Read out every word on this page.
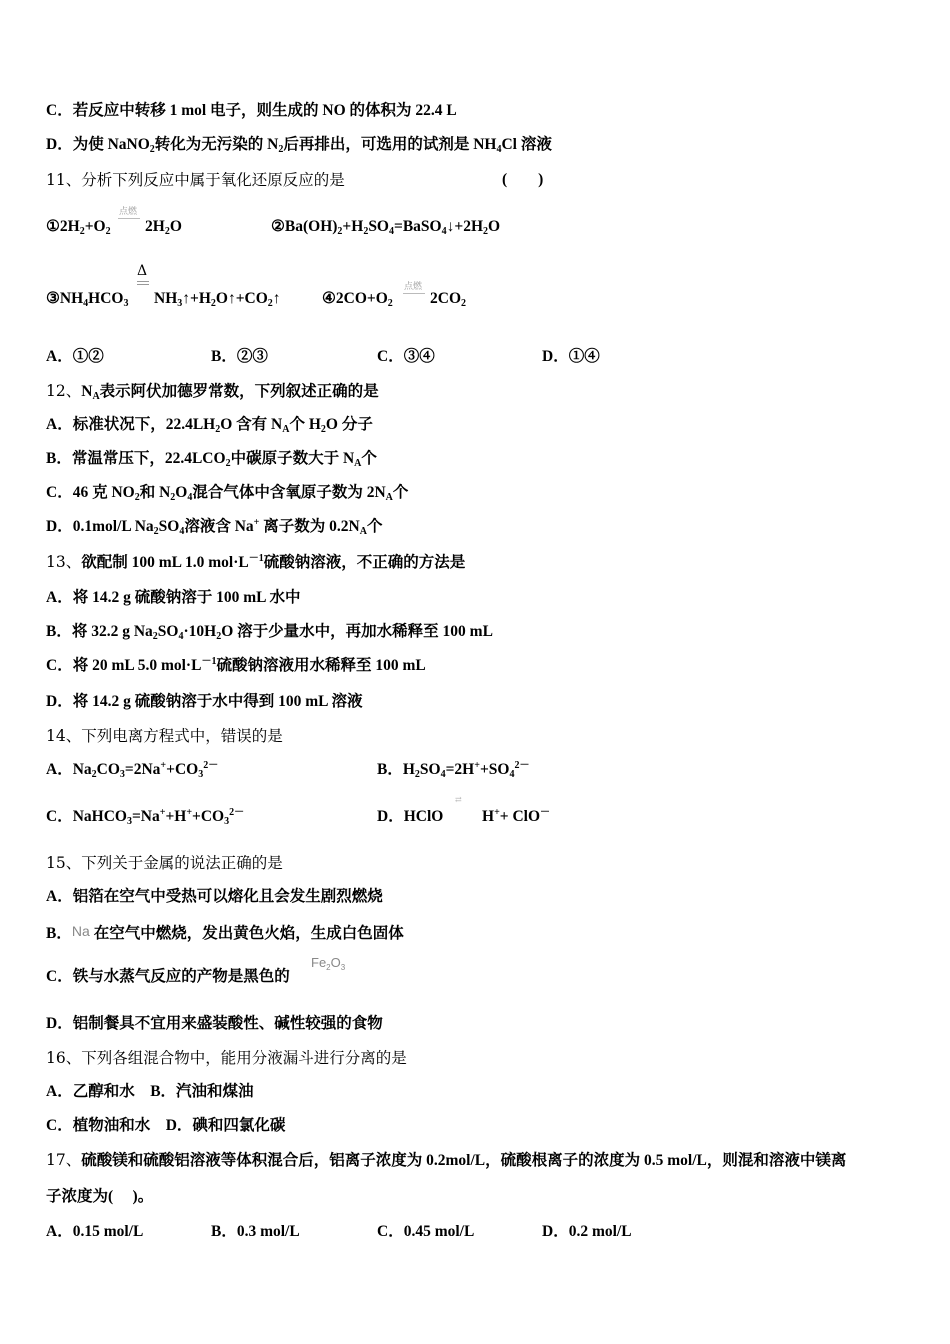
C．若反应中转移 1 mol 电子，则生成的 NO 的体积为 22.4 L
D．为使 NaNO$_2$转化为无污染的 $N_2$后再排出，可选用的试剂是 $NH_4Cl$ 溶液
11、分析下列反应中属于氧化还原反应的是	(　　)
$①2H_2+O_2$
点燃
$2H_2O$	$②Ba(OH)_2+H_2SO_4=BaSO_4↓+2H_2O$
$③NH_4HCO_3$
Δ
$NH_3↑+H_2O↑+CO_2↑$	$④2CO+O_2$
点燃
$2CO_2$
A．①②	B．②③	C．③④	D．①④
12、$N_A$表示阿伏加德罗常数，下列叙述正确的是
A．标准状况下，$22.4LH_2O$ 含有 $N_A$个 $H_2O$ 分子
B．常温常压下，$22.4LCO_2$中碳原子数大于 $N_A$个
C．46 克 $NO_2$和 $N_2O_4$混合气体中含氧原子数为 $2N_A$个
D．0.1mol/L $Na_2SO_4$溶液含 Na+ 离子数为 $0.2N_A$个
13、欲配制 100 mL 1.0 $mol\cdot L^{-1}$硫酸钠溶液，不正确的方法是
A．将 14.2 g 硫酸钠溶于 100 mL 水中
B．将 32.2 g $Na_2SO_4\cdot 10H_2O$ 溶于少量水中，再加水稀释至 100 mL
C．将 20 mL 5.0 $mol\cdot L^{-1}$硫酸钠溶液用水稀释至 100 mL
D．将 14.2 g 硫酸钠溶于水中得到 100 mL 溶液
14、下列电离方程式中，错误的是
A．$Na_2CO_3=2Na^++CO_3^{2-}$	B．$H_2SO_4=2H^++SO_4^{2-}$
C．$NaHCO_3=Na^++H^++CO_3^{2-}$	D．HClO
⇄
H++ ClO－
15、下列关于金属的说法正确的是
A．铝箔在空气中受热可以熔化且会发生剧烈燃烧
B．Na 在空气中燃烧，发出黄色火焰，生成白色固体
C．铁与水蒸气反应的产物是黑色的
$Fe_2O_3$
D．铝制餐具不宜用来盛装酸性、碱性较强的食物
16、下列各组混合物中，能用分液漏斗进行分离的是
A．乙醇和水　B．汽油和煤油
C．植物油和水　D．碘和四氯化碳
17、硫酸镁和硫酸铝溶液等体积混合后，铝离子浓度为 0.2mol/L，硫酸根离子的浓度为 0.5 mol/L，则混和溶液中镁离
子浓度为(　 )。
A．0.15 mol/L	B．0.3 mol/L	C．0.45 mol/L	D．0.2 mol/L
